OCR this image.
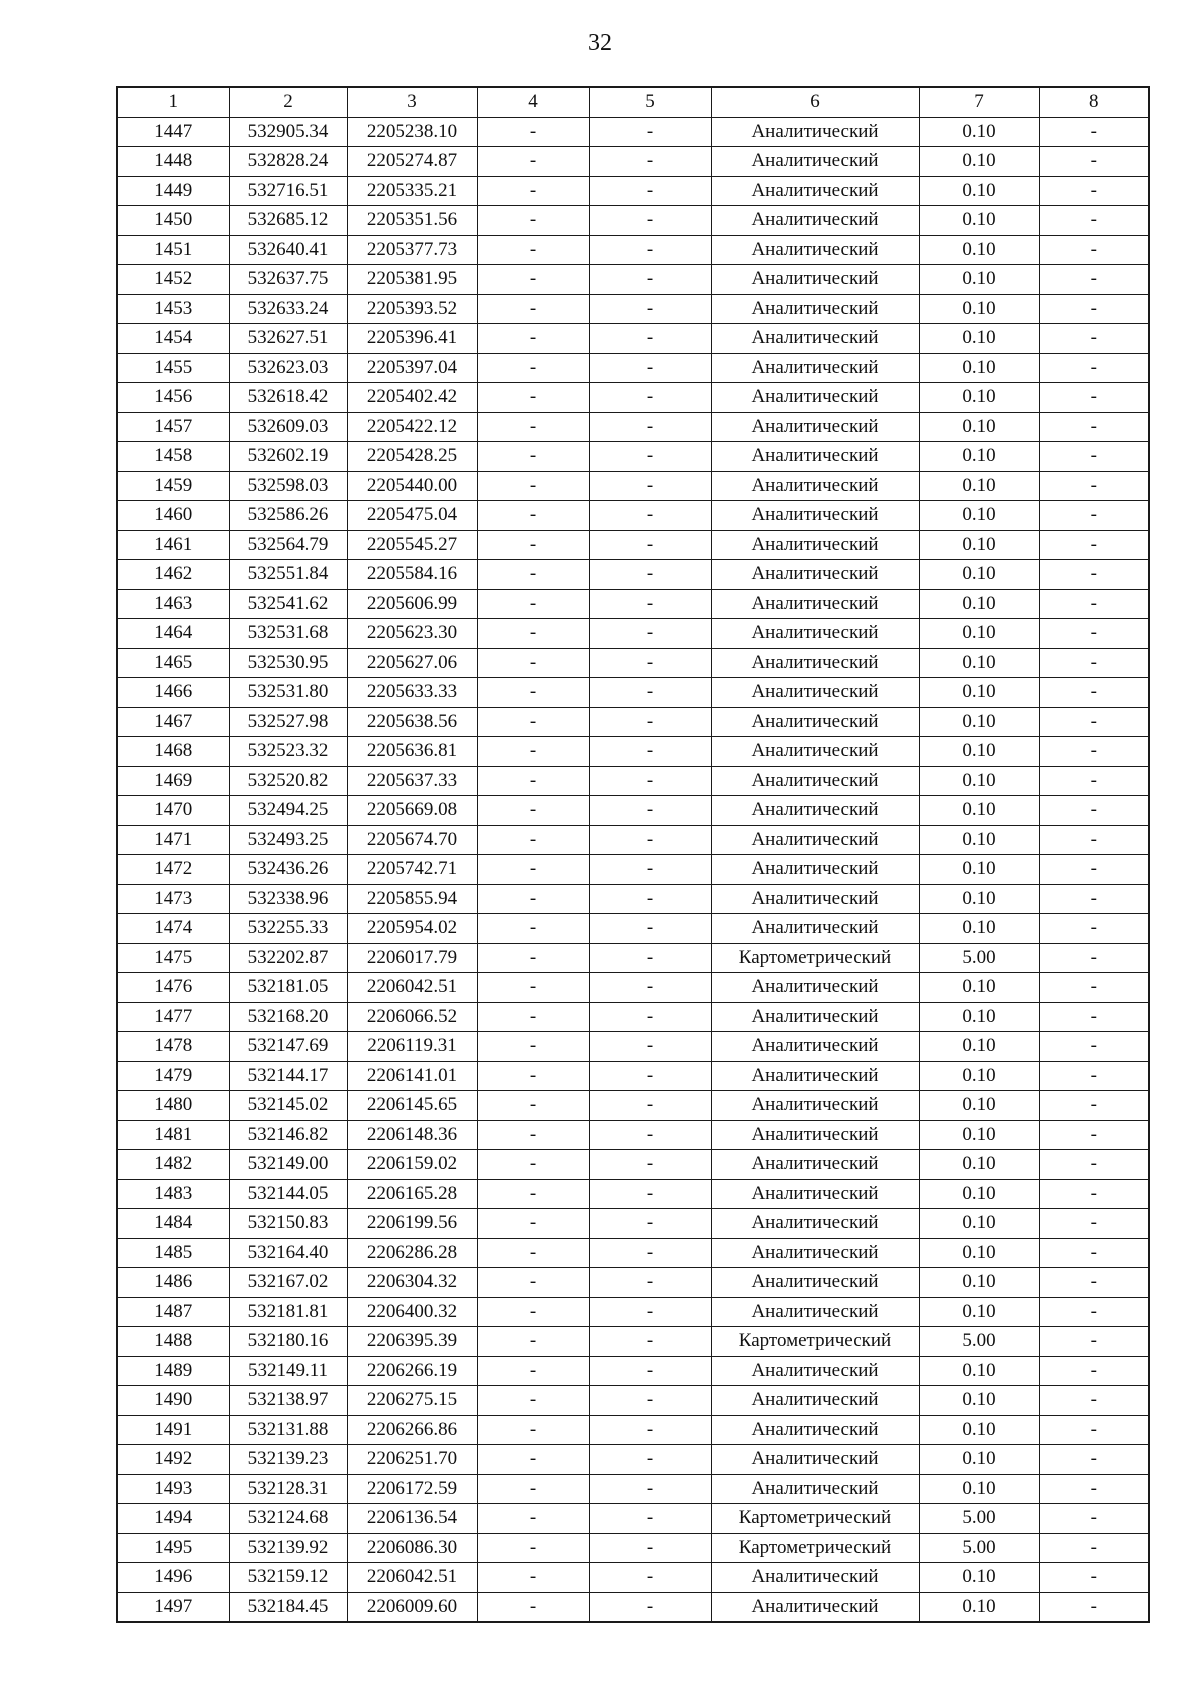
32
1	2	3	4	5	6	7	8
1447	532905.34	2205238.10	-	-	Аналитический	0.10	-
1448	532828.24	2205274.87	-	-	Аналитический	0.10	-
1449	532716.51	2205335.21	-	-	Аналитический	0.10	-
1450	532685.12	2205351.56	-	-	Аналитический	0.10	-
1451	532640.41	2205377.73	-	-	Аналитический	0.10	-
1452	532637.75	2205381.95	-	-	Аналитический	0.10	-
1453	532633.24	2205393.52	-	-	Аналитический	0.10	-
1454	532627.51	2205396.41	-	-	Аналитический	0.10	-
1455	532623.03	2205397.04	-	-	Аналитический	0.10	-
1456	532618.42	2205402.42	-	-	Аналитический	0.10	-
1457	532609.03	2205422.12	-	-	Аналитический	0.10	-
1458	532602.19	2205428.25	-	-	Аналитический	0.10	-
1459	532598.03	2205440.00	-	-	Аналитический	0.10	-
1460	532586.26	2205475.04	-	-	Аналитический	0.10	-
1461	532564.79	2205545.27	-	-	Аналитический	0.10	-
1462	532551.84	2205584.16	-	-	Аналитический	0.10	-
1463	532541.62	2205606.99	-	-	Аналитический	0.10	-
1464	532531.68	2205623.30	-	-	Аналитический	0.10	-
1465	532530.95	2205627.06	-	-	Аналитический	0.10	-
1466	532531.80	2205633.33	-	-	Аналитический	0.10	-
1467	532527.98	2205638.56	-	-	Аналитический	0.10	-
1468	532523.32	2205636.81	-	-	Аналитический	0.10	-
1469	532520.82	2205637.33	-	-	Аналитический	0.10	-
1470	532494.25	2205669.08	-	-	Аналитический	0.10	-
1471	532493.25	2205674.70	-	-	Аналитический	0.10	-
1472	532436.26	2205742.71	-	-	Аналитический	0.10	-
1473	532338.96	2205855.94	-	-	Аналитический	0.10	-
1474	532255.33	2205954.02	-	-	Аналитический	0.10	-
1475	532202.87	2206017.79	-	-	Картометрический	5.00	-
1476	532181.05	2206042.51	-	-	Аналитический	0.10	-
1477	532168.20	2206066.52	-	-	Аналитический	0.10	-
1478	532147.69	2206119.31	-	-	Аналитический	0.10	-
1479	532144.17	2206141.01	-	-	Аналитический	0.10	-
1480	532145.02	2206145.65	-	-	Аналитический	0.10	-
1481	532146.82	2206148.36	-	-	Аналитический	0.10	-
1482	532149.00	2206159.02	-	-	Аналитический	0.10	-
1483	532144.05	2206165.28	-	-	Аналитический	0.10	-
1484	532150.83	2206199.56	-	-	Аналитический	0.10	-
1485	532164.40	2206286.28	-	-	Аналитический	0.10	-
1486	532167.02	2206304.32	-	-	Аналитический	0.10	-
1487	532181.81	2206400.32	-	-	Аналитический	0.10	-
1488	532180.16	2206395.39	-	-	Картометрический	5.00	-
1489	532149.11	2206266.19	-	-	Аналитический	0.10	-
1490	532138.97	2206275.15	-	-	Аналитический	0.10	-
1491	532131.88	2206266.86	-	-	Аналитический	0.10	-
1492	532139.23	2206251.70	-	-	Аналитический	0.10	-
1493	532128.31	2206172.59	-	-	Аналитический	0.10	-
1494	532124.68	2206136.54	-	-	Картометрический	5.00	-
1495	532139.92	2206086.30	-	-	Картометрический	5.00	-
1496	532159.12	2206042.51	-	-	Аналитический	0.10	-
1497	532184.45	2206009.60	-	-	Аналитический	0.10	-
